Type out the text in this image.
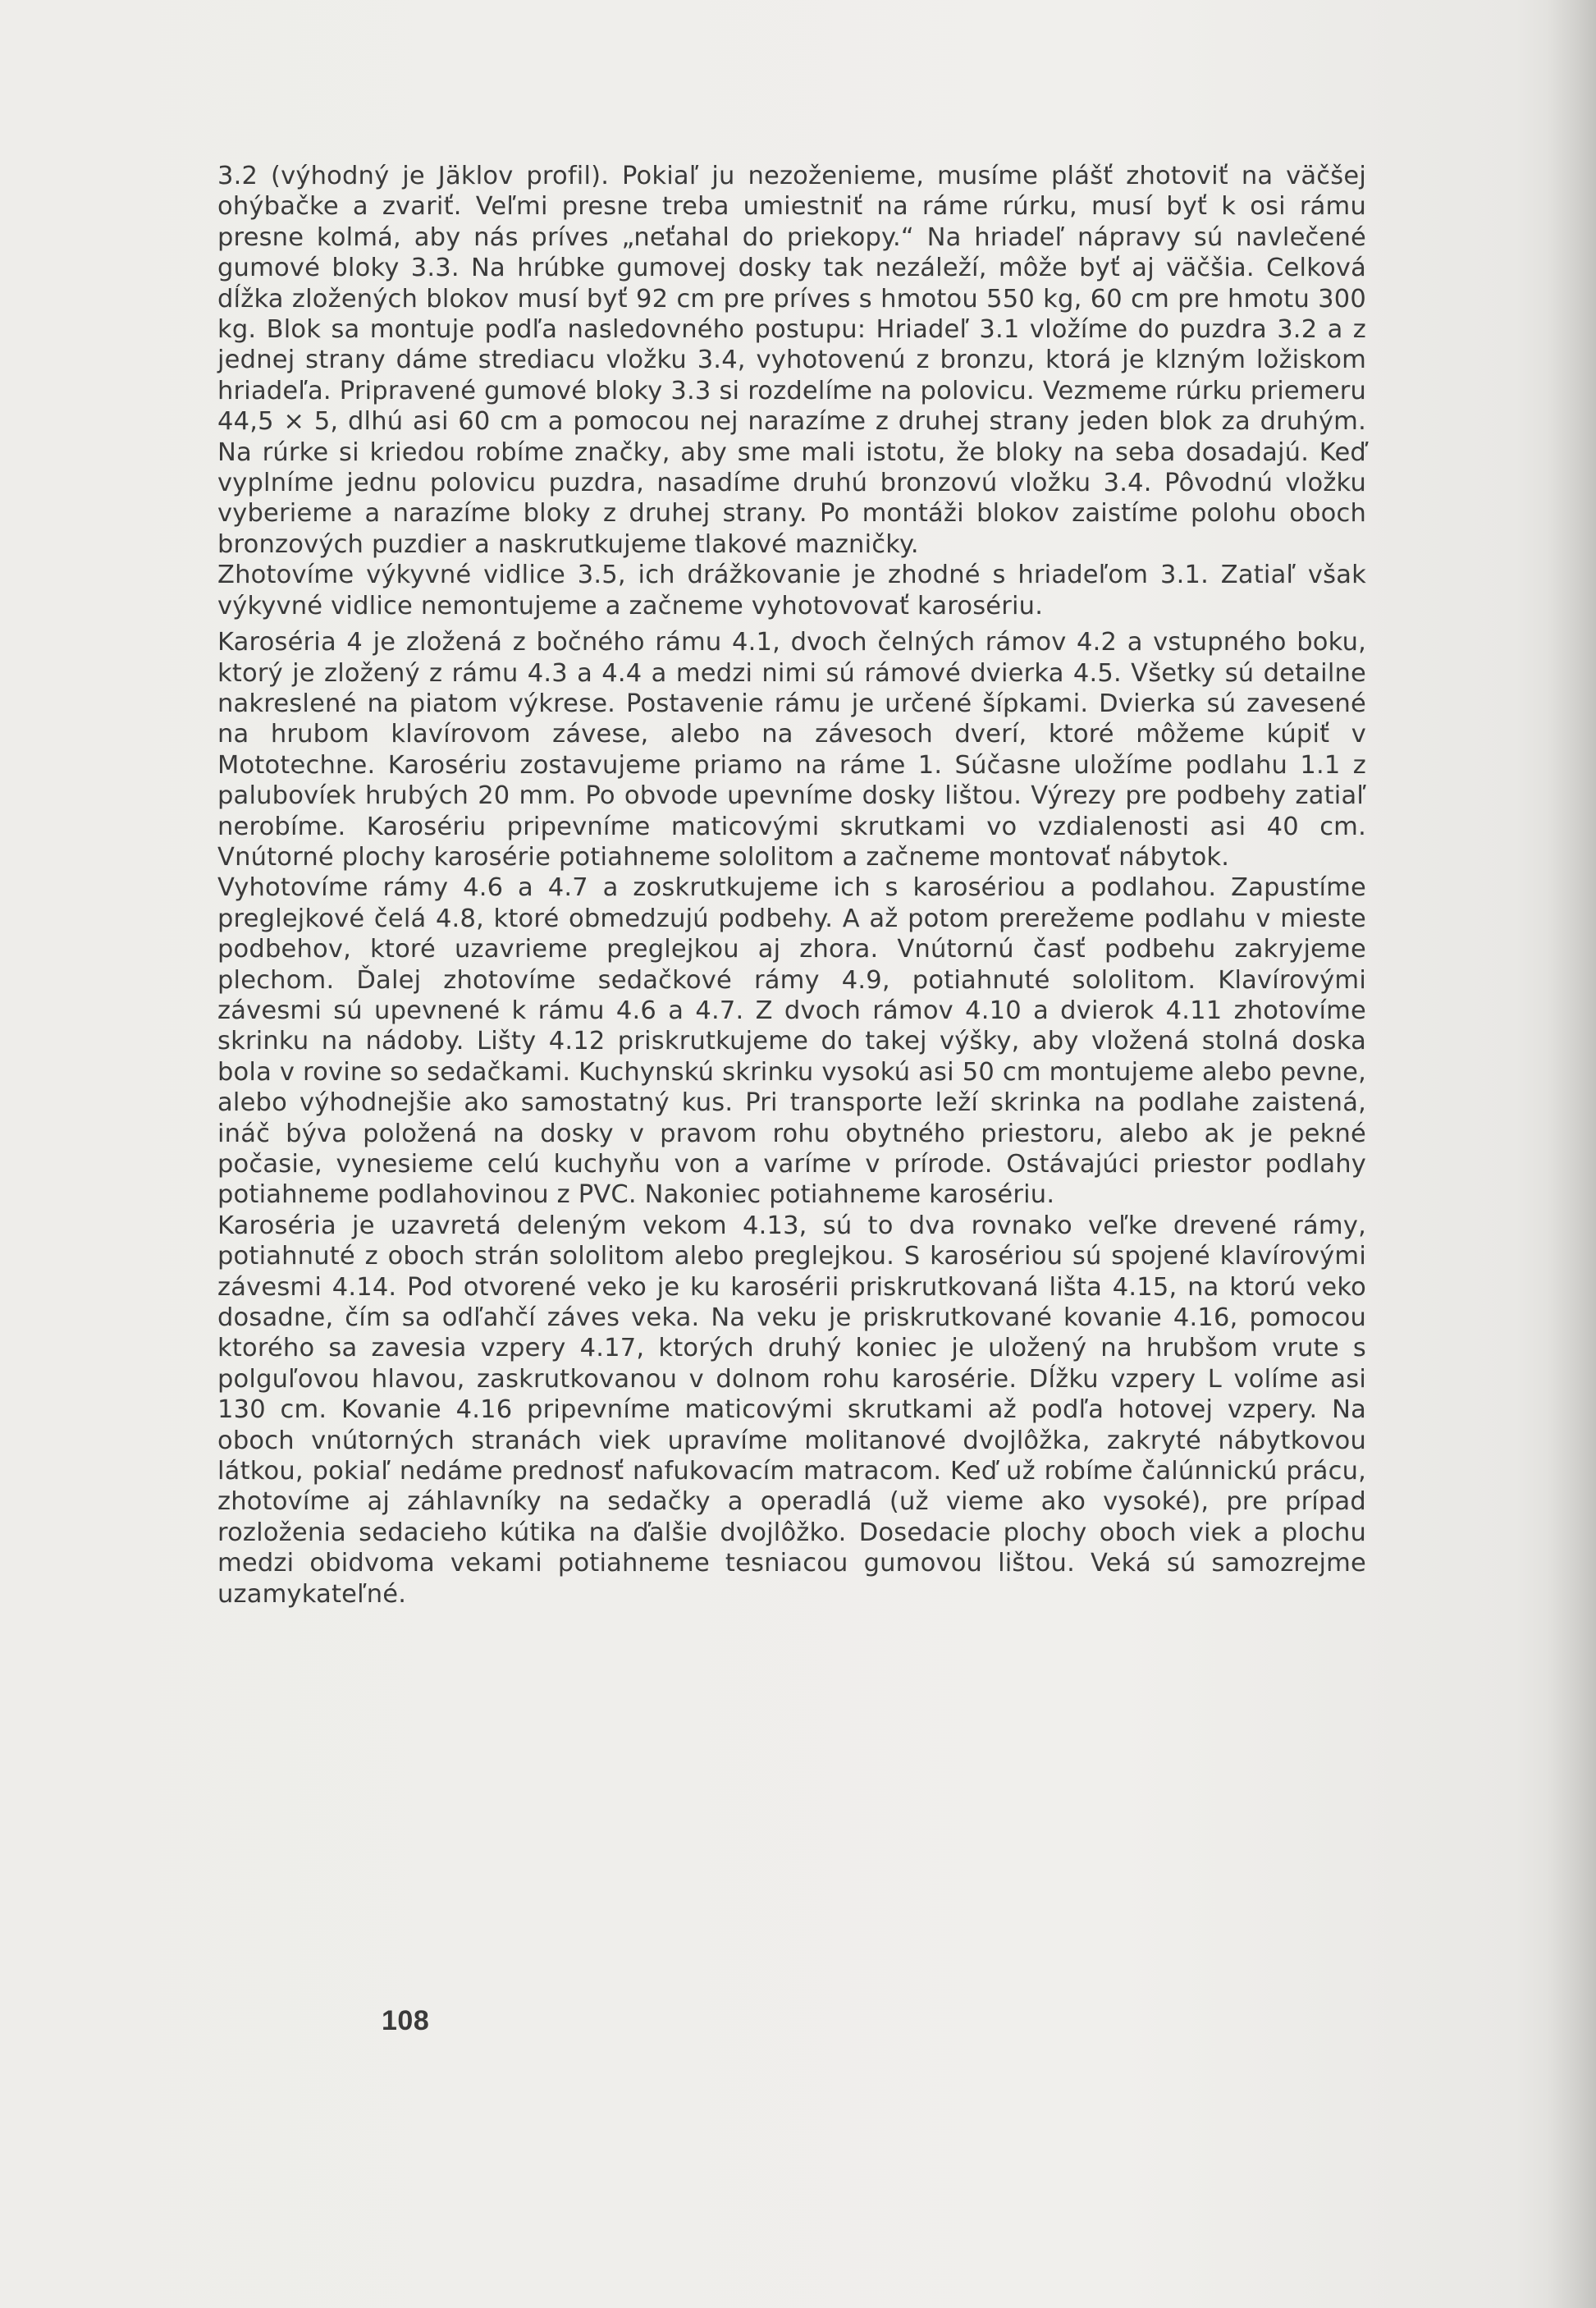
3.2 (výhodný je Jäklov profil). Pokiaľ ju nezoženieme, musíme plášť zhotoviť na väčšej ohýbačke a zvariť. Veľmi presne treba umiestniť na ráme rúrku, musí byť k osi rámu presne kolmá, aby nás príves „neťahal do priekopy.“ Na hriadeľ nápravy sú navlečené gumové bloky 3.3. Na hrúbke gumovej dosky tak nezáleží, môže byť aj väčšia. Celková dĺžka zložených blokov musí byť 92 cm pre príves s hmotou 550 kg, 60 cm pre hmotu 300 kg. Blok sa montuje podľa nasledovného postupu: Hriadeľ 3.1 vložíme do puzdra 3.2 a z jednej strany dáme strediacu vložku 3.4, vyhotovenú z bronzu, ktorá je klzným ložiskom hriadeľa. Pripravené gumové bloky 3.3 si rozdelíme na polovicu. Vezmeme rúrku priemeru 44,5 × 5, dlhú asi 60 cm a pomocou nej narazíme z druhej strany jeden blok za druhým. Na rúrke si kriedou robíme značky, aby sme mali istotu, že bloky na seba dosadajú. Keď vyplníme jednu polovicu puzdra, nasadíme druhú bronzovú vložku 3.4. Pôvodnú vložku vyberieme a narazíme bloky z druhej strany. Po montáži blokov zaistíme polohu oboch bronzových puzdier a naskrutkujeme tlakové mazničky.

Zhotovíme výkyvné vidlice 3.5, ich drážkovanie je zhodné s hriadeľom 3.1. Zatiaľ však výkyvné vidlice nemontujeme a začneme vyhotovovať karosériu.

Karoséria 4 je zložená z bočného rámu 4.1, dvoch čelných rámov 4.2 a vstupného boku, ktorý je zložený z rámu 4.3 a 4.4 a medzi nimi sú rámové dvierka 4.5. Všetky sú detailne nakreslené na piatom výkrese. Postavenie rámu je určené šípkami. Dvierka sú zavesené na hrubom klavírovom závese, alebo na závesoch dverí, ktoré môžeme kúpiť v Mototechne. Karosériu zostavujeme priamo na ráme 1. Súčasne uložíme podlahu 1.1 z palubovíek hrubých 20 mm. Po obvode upevníme dosky lištou. Výrezy pre podbehy zatiaľ nerobíme. Karosériu pripevníme maticovými skrutkami vo vzdialenosti asi 40 cm. Vnútorné plochy karosérie potiahneme sololitom a začneme montovať nábytok.

Vyhotovíme rámy 4.6 a 4.7 a zoskrutkujeme ich s karosériou a podlahou. Zapustíme preglejkové čelá 4.8, ktoré obmedzujú podbehy. A až potom prerežeme podlahu v mieste podbehov, ktoré uzavrieme preglejkou aj zhora. Vnútornú časť podbehu zakryjeme plechom. Ďalej zhotovíme sedačkové rámy 4.9, potiahnuté sololitom. Klavírovými závesmi sú upevnené k rámu 4.6 a 4.7. Z dvoch rámov 4.10 a dvierok 4.11 zhotovíme skrinku na nádoby. Lišty 4.12 priskrutkujeme do takej výšky, aby vložená stolná doska bola v rovine so sedačkami. Kuchynskú skrinku vysokú asi 50 cm montujeme alebo pevne, alebo výhodnejšie ako samostatný kus. Pri transporte leží skrinka na podlahe zaistená, ináč býva položená na dosky v pravom rohu obytného priestoru, alebo ak je pekné počasie, vynesieme celú kuchyňu von a varíme v prírode. Ostávajúci priestor podlahy potiahneme podlahovinou z PVC. Nakoniec potiahneme karosériu.

Karoséria je uzavretá deleným vekom 4.13, sú to dva rovnako veľke drevené rámy, potiahnuté z oboch strán sololitom alebo preglejkou. S karosériou sú spojené klavírovými závesmi 4.14. Pod otvorené veko je ku karosérii priskrutkovaná lišta 4.15, na ktorú veko dosadne, čím sa odľahčí záves veka. Na veku je priskrutkované kovanie 4.16, pomocou ktorého sa zavesia vzpery 4.17, ktorých druhý koniec je uložený na hrubšom vrute s polguľovou hlavou, zaskrutkovanou v dolnom rohu karosérie. Dĺžku vzpery L volíme asi 130 cm. Kovanie 4.16 pripevníme maticovými skrutkami až podľa hotovej vzpery. Na oboch vnútorných stranách viek upravíme molitanové dvojlôžka, zakryté nábytkovou látkou, pokiaľ nedáme prednosť nafukovacím matracom. Keď už robíme čalúnnickú prácu, zhotovíme aj záhlavníky na sedačky a operadlá (už vieme ako vysoké), pre prípad rozloženia sedacieho kútika na ďalšie dvojlôžko. Dosedacie plochy oboch viek a plochu medzi obidvoma vekami potiahneme tesniacou gumovou lištou. Veká sú samozrejme uzamykateľné.

108
